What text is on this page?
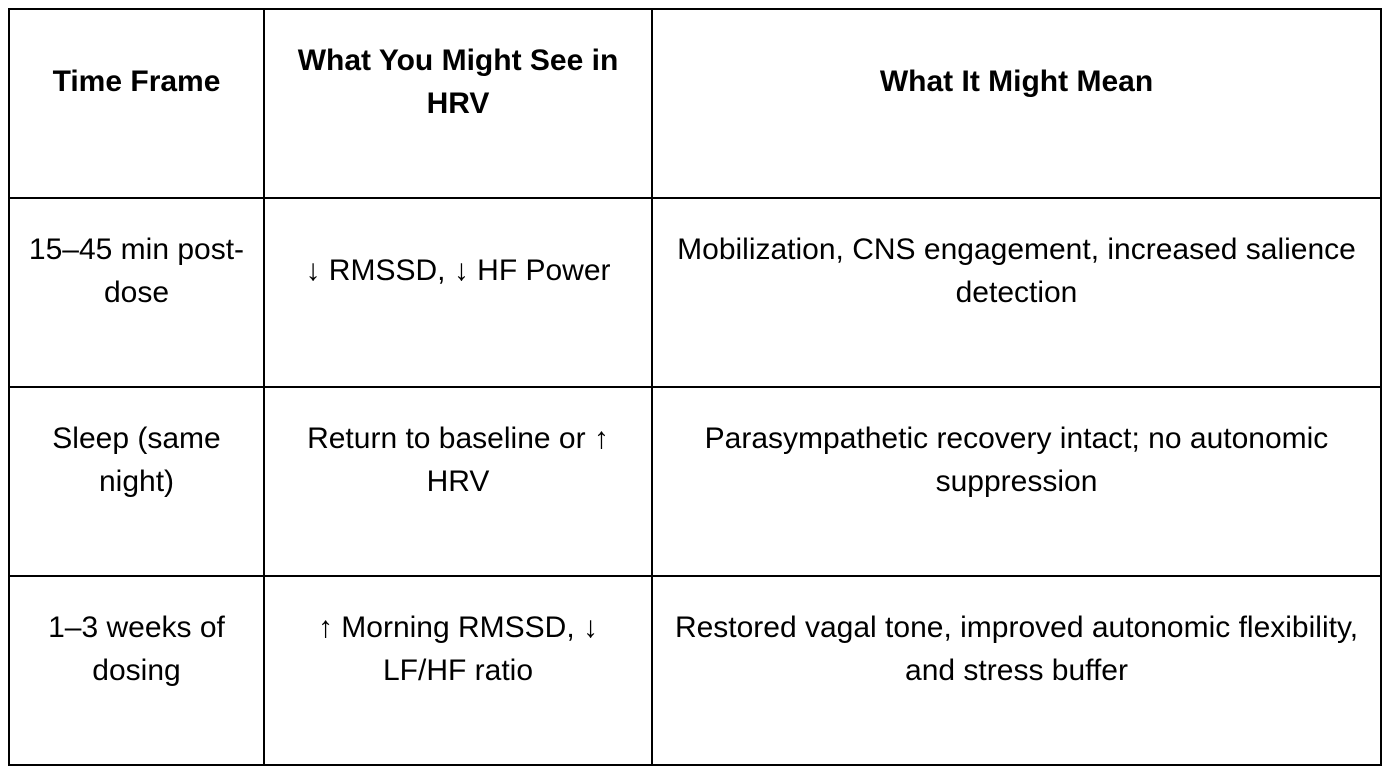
Time Frame	What You Might See in HRV	What It Might Mean

15–45 min post-dose	↓ RMSSD, ↓ HF Power	Mobilization, CNS engagement, increased salience detection

Sleep (same night)	Return to baseline or ↑ HRV	Parasympathetic recovery intact; no autonomic suppression

1–3 weeks of dosing	↑ Morning RMSSD, ↓ LF/HF ratio	Restored vagal tone, improved autonomic flexibility, and stress buffer
